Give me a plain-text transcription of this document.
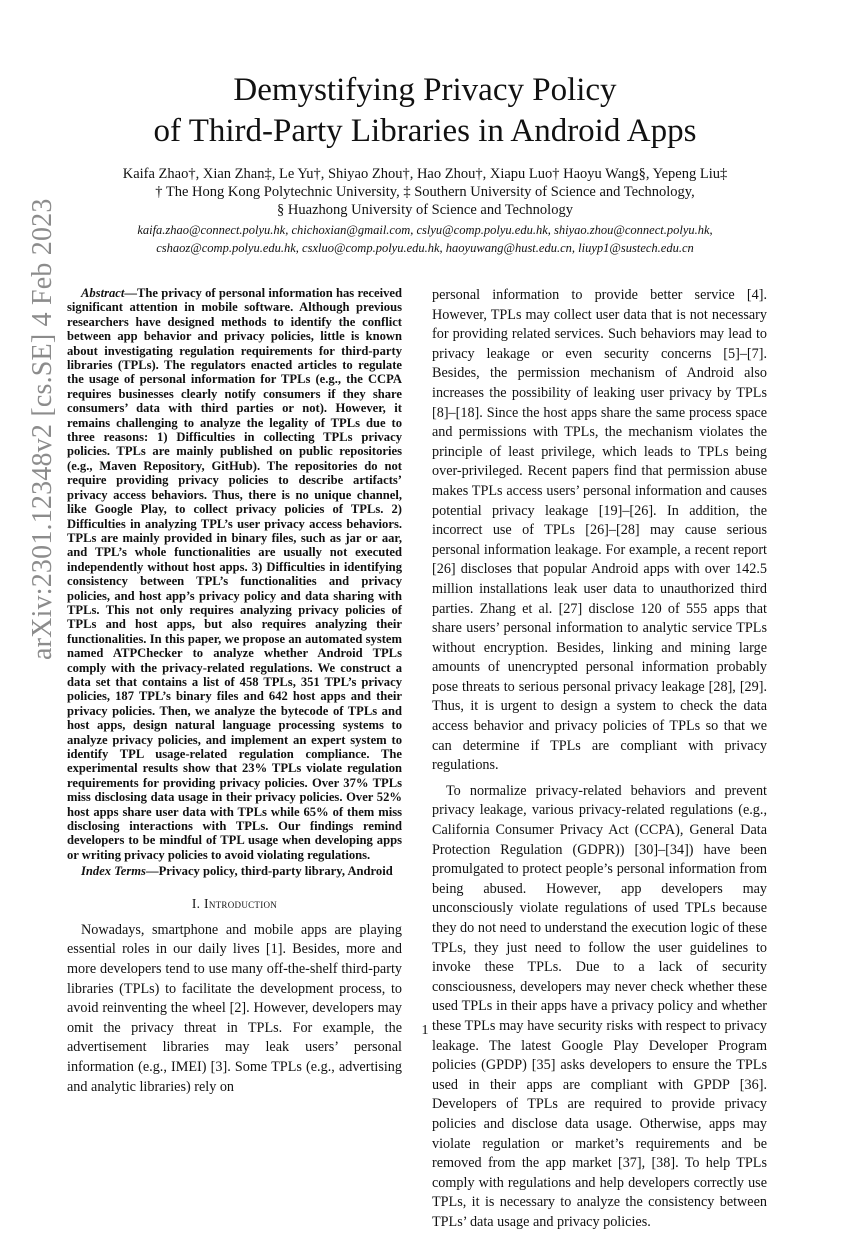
arXiv:2301.12348v2 [cs.SE] 4 Feb 2023
Demystifying Privacy Policy
of Third-Party Libraries in Android Apps
Kaifa Zhao†, Xian Zhan‡, Le Yu†, Shiyao Zhou†, Hao Zhou†, Xiapu Luo† Haoyu Wang§, Yepeng Liu‡
† The Hong Kong Polytechnic University, ‡ Southern University of Science and Technology,
§ Huazhong University of Science and Technology
kaifa.zhao@connect.polyu.hk, chichoxian@gmail.com, cslyu@comp.polyu.edu.hk, shiyao.zhou@connect.polyu.hk,
cshaoz@comp.polyu.edu.hk, csxluo@comp.polyu.edu.hk, haoyuwang@hust.edu.cn, liuyp1@sustech.edu.cn

Abstract—The privacy of personal information has received significant attention in mobile software. Although previous researchers have designed methods to identify the conflict between app behavior and privacy policies, little is known about investigating regulation requirements for third-party libraries (TPLs). The regulators enacted articles to regulate the usage of personal information for TPLs (e.g., the CCPA requires businesses clearly notify consumers if they share consumers’ data with third parties or not). However, it remains challenging to analyze the legality of TPLs due to three reasons: 1) Difficulties in collecting TPLs privacy policies. TPLs are mainly published on public repositories (e.g., Maven Repository, GitHub). The repositories do not require providing privacy policies to describe artifacts’ privacy access behaviors. Thus, there is no unique channel, like Google Play, to collect privacy policies of TPLs. 2) Difficulties in analyzing TPL’s user privacy access behaviors. TPLs are mainly provided in binary files, such as jar or aar, and TPL’s whole functionalities are usually not executed independently without host apps. 3) Difficulties in identifying consistency between TPL’s functionalities and privacy policies, and host app’s privacy policy and data sharing with TPLs. This not only requires analyzing privacy policies of TPLs and host apps, but also requires analyzing their functionalities. In this paper, we propose an automated system named ATPChecker to analyze whether Android TPLs comply with the privacy-related regulations. We construct a data set that contains a list of 458 TPLs, 351 TPL’s privacy policies, 187 TPL’s binary files and 642 host apps and their privacy policies. Then, we analyze the bytecode of TPLs and host apps, design natural language processing systems to analyze privacy policies, and implement an expert system to identify TPL usage-related regulation compliance. The experimental results show that 23% TPLs violate regulation requirements for providing privacy policies. Over 37% TPLs miss disclosing data usage in their privacy policies. Over 52% host apps share user data with TPLs while 65% of them miss disclosing interactions with TPLs. Our findings remind developers to be mindful of TPL usage when developing apps or writing privacy policies to avoid violating regulations.

Index Terms—Privacy policy, third-party library, Android

I. Introduction

Nowadays, smartphone and mobile apps are playing essential roles in our daily lives [1]. Besides, more and more developers tend to use many off-the-shelf third-party libraries (TPLs) to facilitate the development process, to avoid reinventing the wheel [2]. However, developers may omit the privacy threat in TPLs. For example, the advertisement libraries may leak users’ personal information (e.g., IMEI) [3]. Some TPLs (e.g., advertising and analytic libraries) rely on

personal information to provide better service [4]. However, TPLs may collect user data that is not necessary for providing related services. Such behaviors may lead to privacy leakage or even security concerns [5]–[7]. Besides, the permission mechanism of Android also increases the possibility of leaking user privacy by TPLs [8]–[18]. Since the host apps share the same process space and permissions with TPLs, the mechanism violates the principle of least privilege, which leads to TPLs being over-privileged. Recent papers find that permission abuse makes TPLs access users’ personal information and causes potential privacy leakage [19]–[26]. In addition, the incorrect use of TPLs [26]–[28] may cause serious personal information leakage. For example, a recent report [26] discloses that popular Android apps with over 142.5 million installations leak user data to unauthorized third parties. Zhang et al. [27] disclose 120 of 555 apps that share users’ personal information to analytic service TPLs without encryption. Besides, linking and mining large amounts of unencrypted personal information probably pose threats to serious personal privacy leakage [28], [29]. Thus, it is urgent to design a system to check the data access behavior and privacy policies of TPLs so that we can determine if TPLs are compliant with privacy regulations.

To normalize privacy-related behaviors and prevent privacy leakage, various privacy-related regulations (e.g., California Consumer Privacy Act (CCPA), General Data Protection Regulation (GDPR)) [30]–[34]) have been promulgated to protect people’s personal information from being abused. However, app developers may unconsciously violate regulations of used TPLs because they do not need to understand the execution logic of these TPLs, they just need to follow the user guidelines to invoke these TPLs. Due to a lack of security consciousness, developers may never check whether these used TPLs in their apps have a privacy policy and whether these TPLs may have security risks with respect to privacy leakage. The latest Google Play Developer Program policies (GPDP) [35] asks developers to ensure the TPLs used in their apps are compliant with GPDP [36]. Developers of TPLs are required to provide privacy policies and disclose data usage. Otherwise, apps may violate regulation or market’s requirements and be removed from the app market [37], [38]. To help TPLs comply with regulations and help developers correctly use TPLs, it is necessary to analyze the consistency between TPLs’ data usage and privacy policies.

1
